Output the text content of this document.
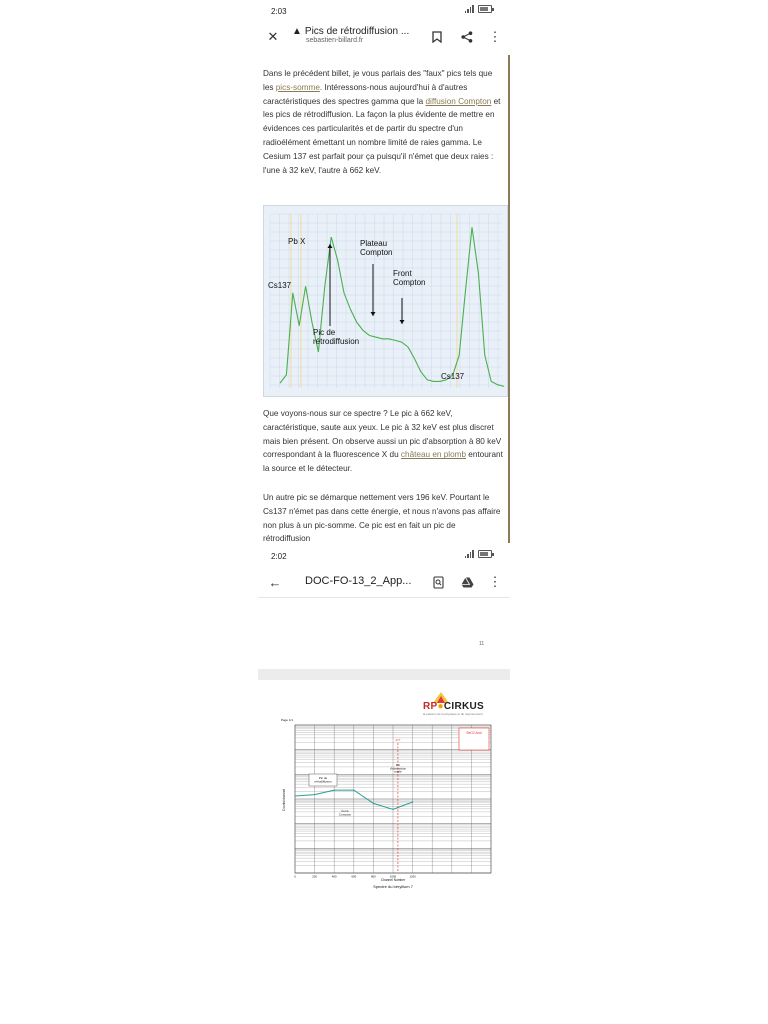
2:03
✕	▲ Pics de rétrodiffusion ...
sebastien-billard.fr	⋮
Dans le précédent billet, je vous parlais des "faux" pics tels que les pics-somme. Intéressons-nous aujourd'hui à d'autres caractéristiques des spectres gamma que la diffusion Compton et les pics de rétrodiffusion. La façon la plus évidente de mettre en évidences ces particularités et de partir du spectre d'un radioélément émettant un nombre limité de raies gamma. Le Cesium 137 est parfait pour ça puisqu'il n'émet que deux raies : l'une à 32 keV, l'autre à 662 keV.
Pb X
Cs137
Plateau Compton
Front Compton
Pic de rétrodiffusion
Cs137
Que voyons-nous sur ce spectre ? Le pic à 662 keV, caractéristique, saute aux yeux. Le pic à 32 keV est plus discret mais bien présent. On observe aussi un pic d'absorption à 80 keV correspondant à la fluorescence X du château en plomb entourant la source et le détecteur.
Un autre pic se démarque nettement vers 196 keV. Pourtant le Cs137 n'émet pas dans cette énergie, et nous n'avons pas affaire non plus à un pic-somme. Ce pic est en fait un pic de rétrodiffusion
2:02
← DOC-FO-13_2_App...	⋮
11
RP●CIRKUS
la passion de la physique et du rayonnement
Page 1/1
Channel Number
Spectre du béryllium 7
Counts/channel
0	200	400	600	800	1000	1200
477
Pic de rétrodiffusion
Front Compton
Pic d'absorption totale
BeO2 Aval
